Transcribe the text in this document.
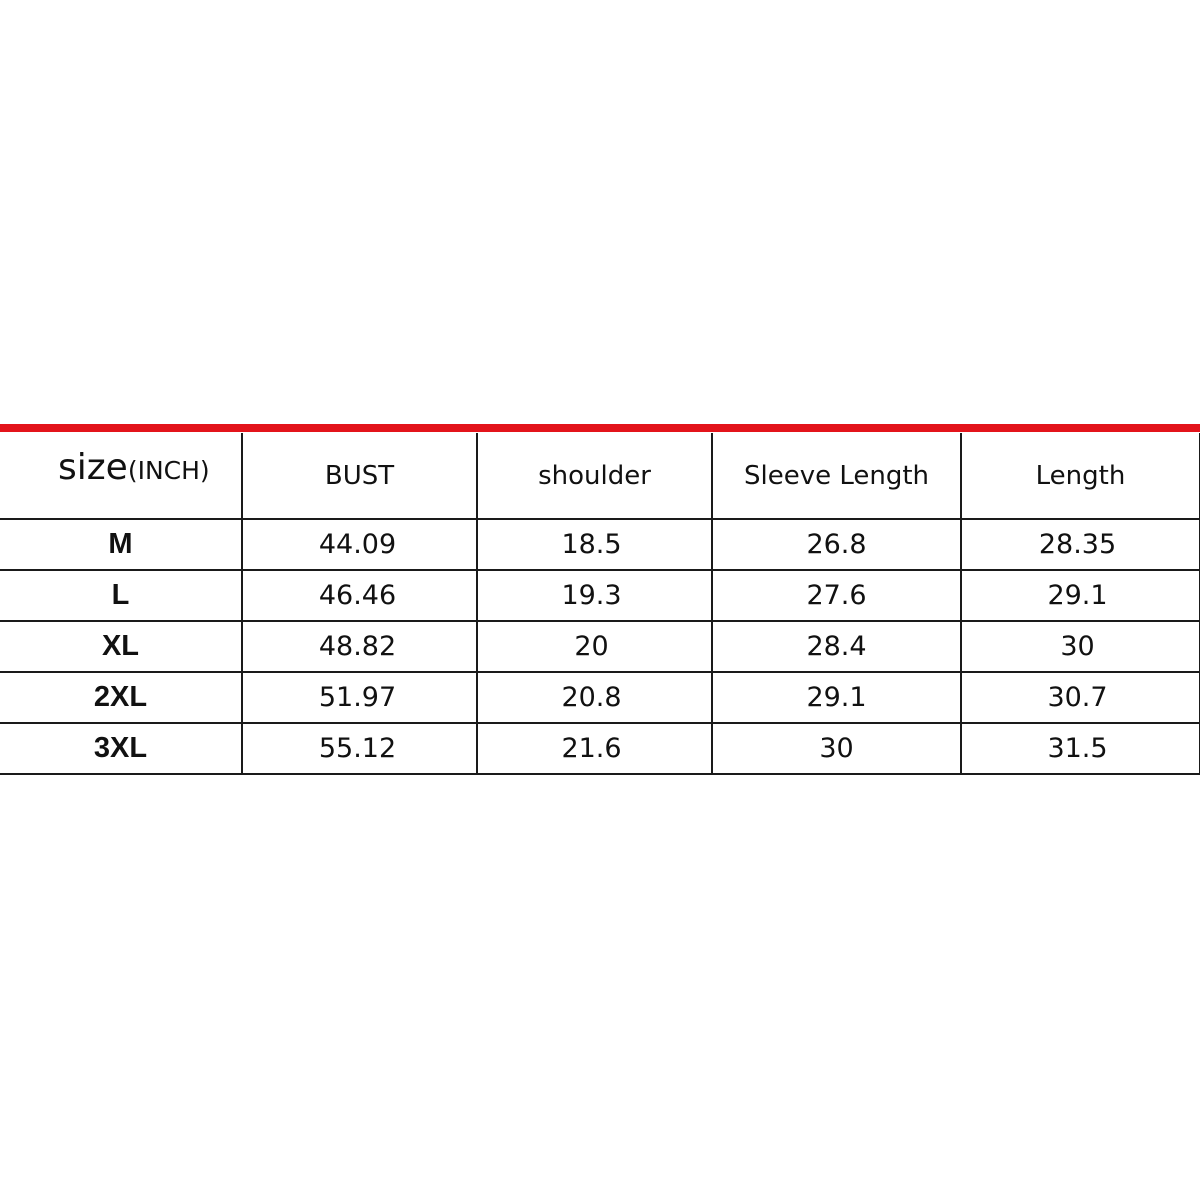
size(INCH)	BUST	shoulder	Sleeve Length	Length
M	44.09	18.5	26.8	28.35
L	46.46	19.3	27.6	29.1
XL	48.82	20	28.4	30
2XL	51.97	20.8	29.1	30.7
3XL	55.12	21.6	30	31.5
